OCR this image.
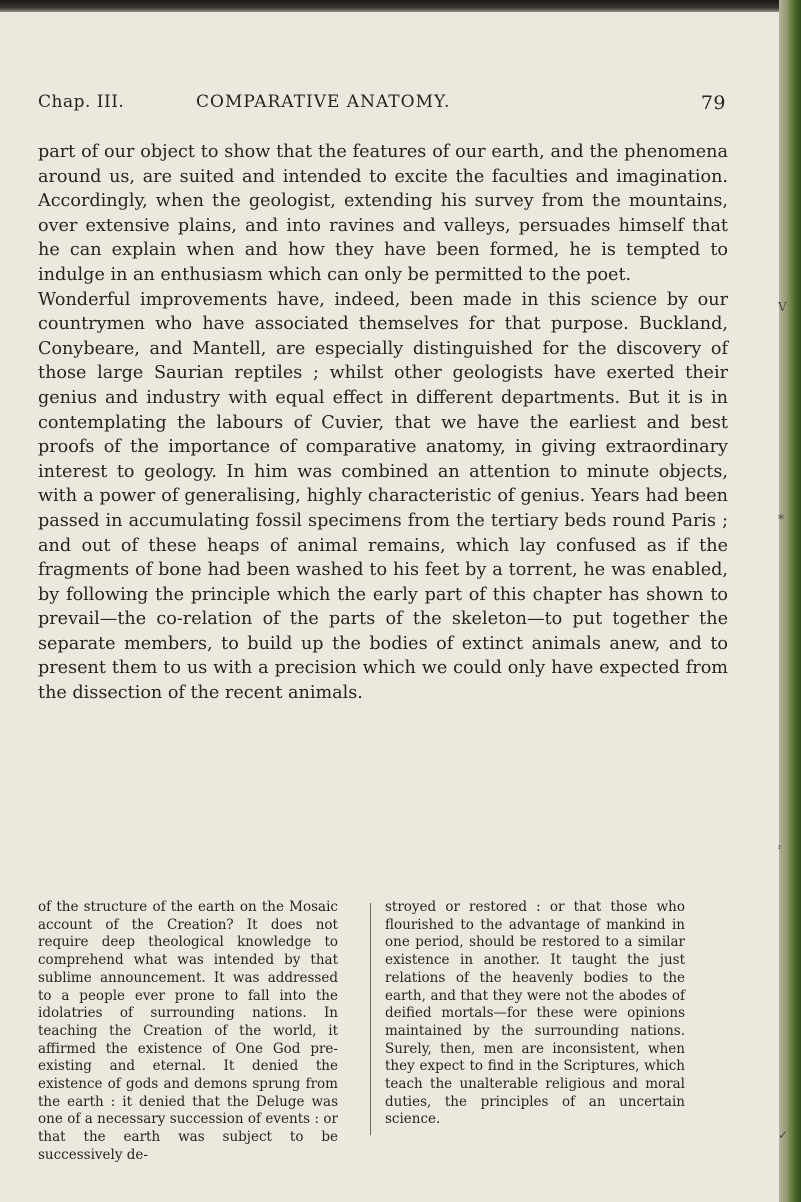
Chap. III.	COMPARATIVE ANATOMY.	79

part of our object to show that the features of our earth, and the phenomena around us, are suited and intended to excite the faculties and imagination. Accordingly, when the geologist, extending his survey from the mountains, over extensive plains, and into ravines and valleys, persuades himself that he can explain when and how they have been formed, he is tempted to indulge in an enthusiasm which can only be permitted to the poet.

Wonderful improvements have, indeed, been made in this science by our countrymen who have associated themselves for that purpose. Buckland, Conybeare, and Mantell, are especially distinguished for the discovery of those large Saurian reptiles ; whilst other geologists have exerted their genius and industry with equal effect in different departments. But it is in contemplating the labours of Cuvier, that we have the earliest and best proofs of the importance of comparative anatomy, in giving extraordinary interest to geology. In him was combined an attention to minute objects, with a power of generalising, highly characteristic of genius. Years had been passed in accumulating fossil specimens from the tertiary beds round Paris ; and out of these heaps of animal remains, which lay confused as if the fragments of bone had been washed to his feet by a torrent, he was enabled, by following the principle which the early part of this chapter has shown to prevail—the co-relation of the parts of the skeleton—to put together the separate members, to build up the bodies of extinct animals anew, and to present them to us with a precision which we could only have expected from the dissection of the recent animals.

of the structure of the earth on the Mosaic account of the Creation? It does not require deep theological knowledge to comprehend what was intended by that sublime announcement. It was addressed to a people ever prone to fall into the idolatries of surrounding nations. In teaching the Creation of the world, it affirmed the existence of One God pre-existing and eternal. It denied the existence of gods and demons sprung from the earth : it denied that the Deluge was one of a necessary succession of events : or that the earth was subject to be successively de-
stroyed or restored : or that those who flourished to the advantage of mankind in one period, should be restored to a similar existence in another. It taught the just relations of the heavenly bodies to the earth, and that they were not the abodes of deified mortals—for these were opinions maintained by the surrounding nations. Surely, then, men are inconsistent, when they expect to find in the Scriptures, which teach the unalterable religious and moral duties, the principles of an uncertain science.
V
*
ʳ
✓
